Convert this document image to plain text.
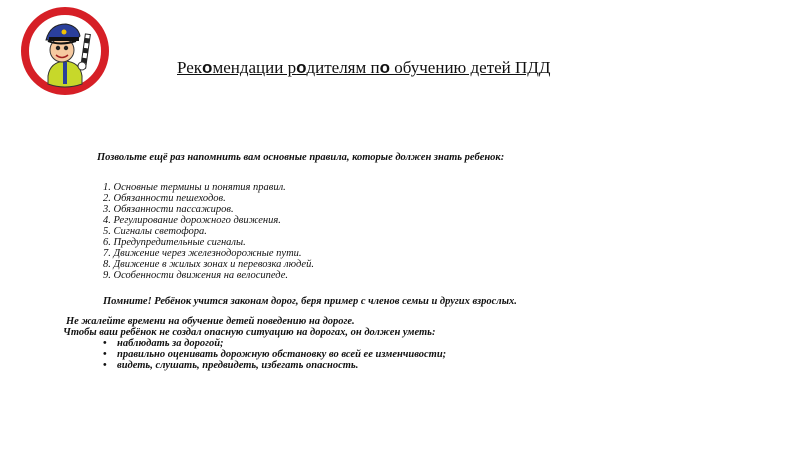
Рекомендации родителям по обучению детей ПДД
Позвольте ещё раз напомнить вам основные правила, которые должен знать ребенок:
1. Основные термины и понятия правил.
2. Обязанности пешеходов.
3. Обязанности пассажиров.
4. Регулирование дорожного движения.
5. Сигналы светофора.
6. Предупредительные сигналы.
7. Движение через железнодорожные пути.
8. Движение в жилых зонах и перевозка людей.
9. Особенности движения на велосипеде.
Помните! Ребёнок учится законам дорог, беря пример с членов семьи и других взрослых.
Не жалейте времени на обучение детей поведению на дороге.
Чтобы ваш ребёнок не создал опасную ситуацию на дорогах, он должен уметь:
• наблюдать за дорогой;
• правильно оценивать дорожную обстановку во всей ее изменчивости;
• видеть, слушать, предвидеть, избегать опасность.
